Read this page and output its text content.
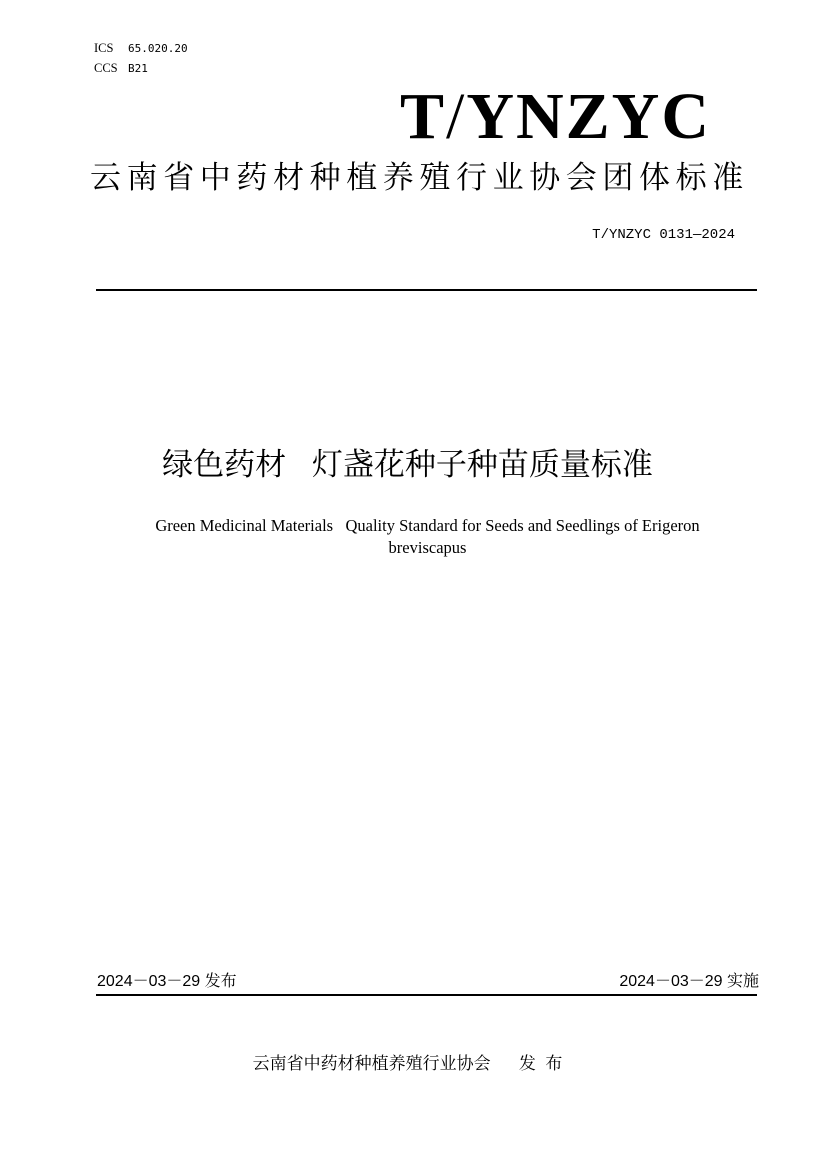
ICS 65.020.20
CCS B21
T/YNZYC
云南省中药材种植养殖行业协会团体标准
T/YNZYC 0131—2024
绿色药材   灯盏花种子种苗质量标准
Green Medicinal Materials   Quality Standard for Seeds and Seedlings of Erigeron
breviscapus
2024－03－29 发布	2024－03－29 实施
云南省中药材种植养殖行业协会      发  布
